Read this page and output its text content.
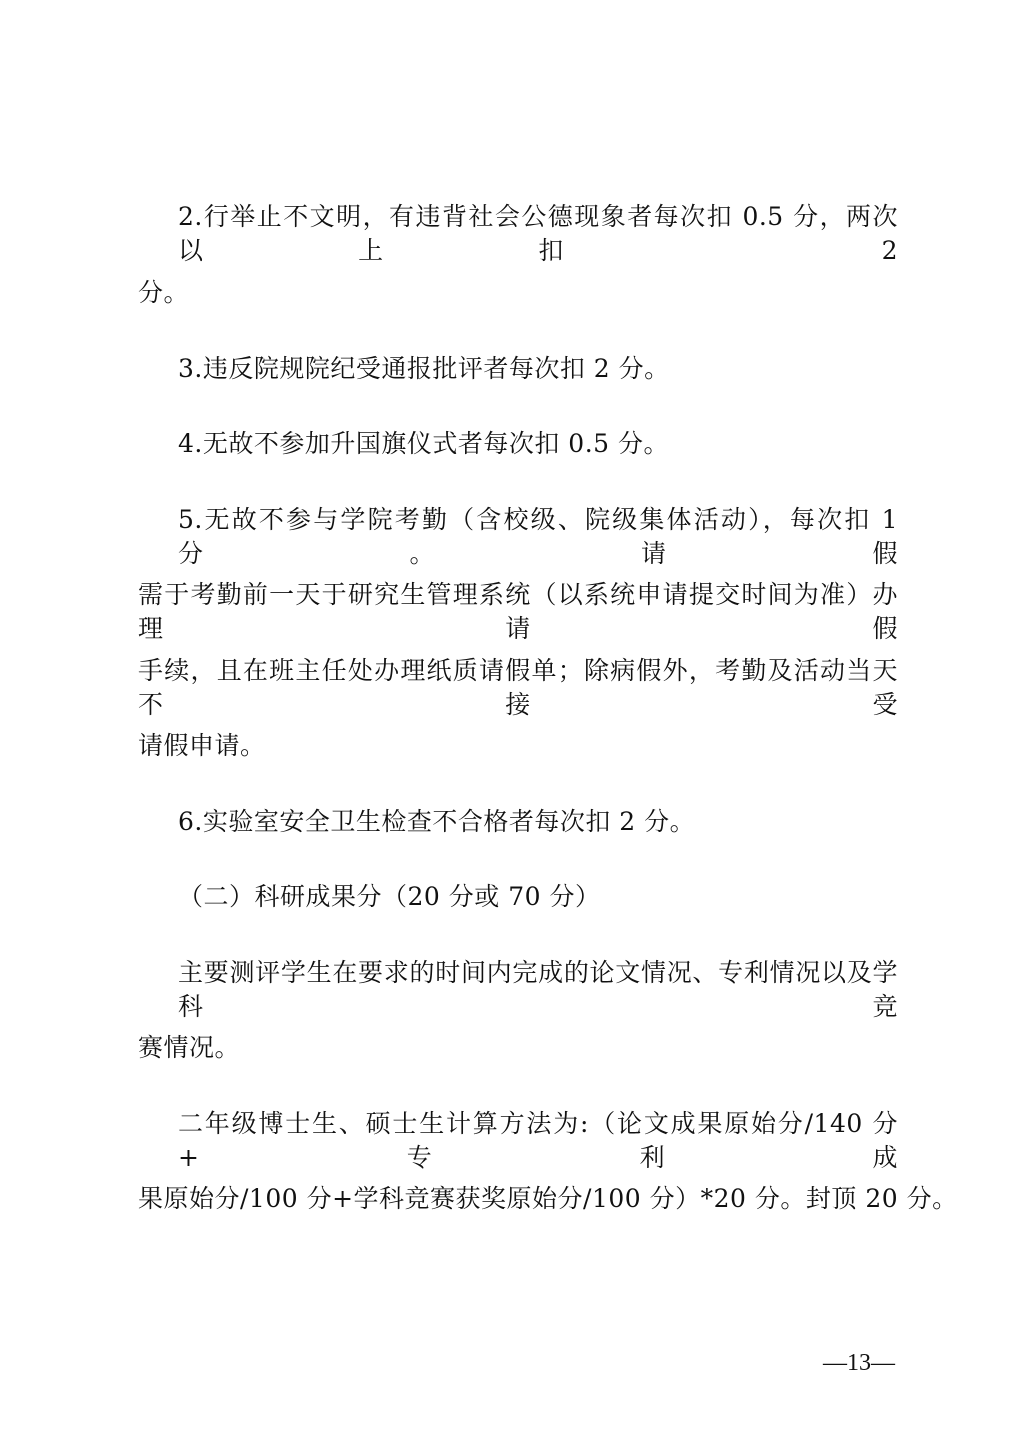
2.行举止不文明，有违背社会公德现象者每次扣 0.5 分，两次以上扣 2
分。
3.违反院规院纪受通报批评者每次扣 2 分。
4.无故不参加升国旗仪式者每次扣 0.5 分。
5.无故不参与学院考勤（含校级、院级集体活动），每次扣 1 分。请假
需于考勤前一天于研究生管理系统（以系统申请提交时间为准）办理请假
手续，且在班主任处办理纸质请假单；除病假外，考勤及活动当天不接受
请假申请。
6.实验室安全卫生检查不合格者每次扣 2 分。
（二）科研成果分（20 分或 70 分）
主要测评学生在要求的时间内完成的论文情况、专利情况以及学科竞
赛情况。
二年级博士生、硕士生计算方法为:（论文成果原始分/140 分+专利成
果原始分/100 分+学科竞赛获奖原始分/100 分）*20 分。封顶 20 分。
—13—
